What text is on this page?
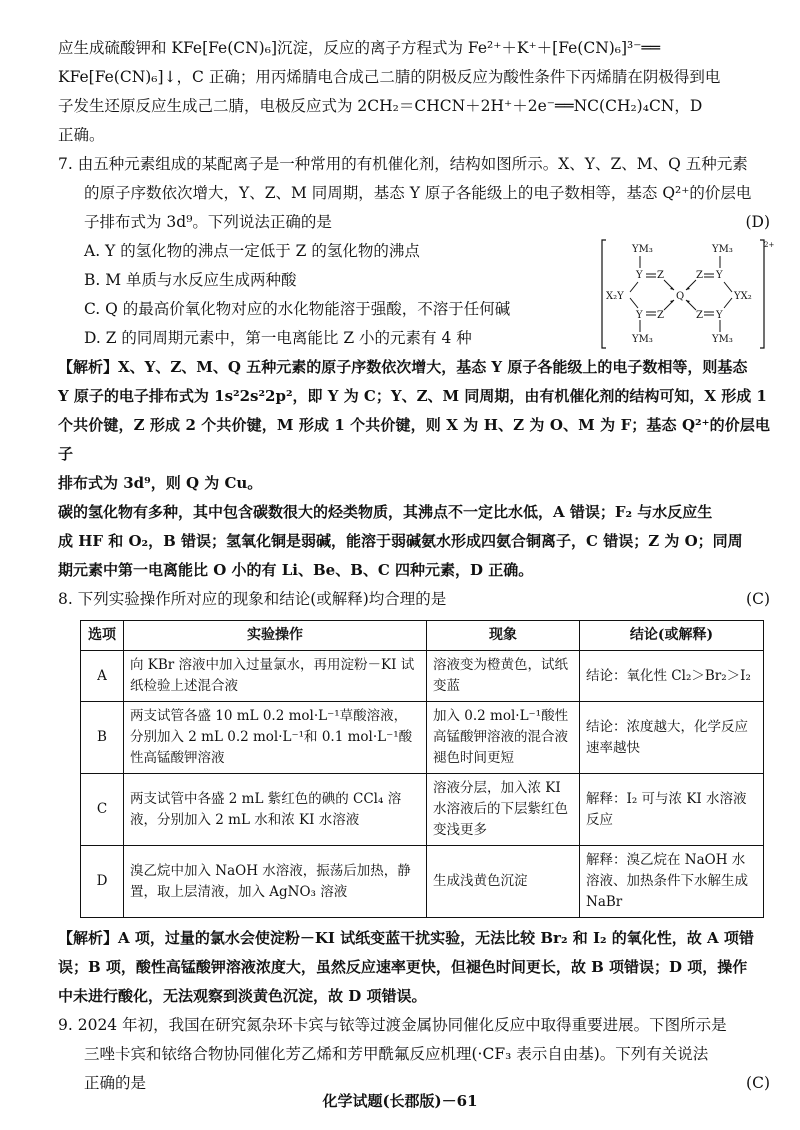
应生成硫酸钾和 KFe[Fe(CN)₆]沉淀，反应的离子方程式为 Fe²⁺＋K⁺＋[Fe(CN)₆]³⁻══

KFe[Fe(CN)₆]↓，C 正确；用丙烯腈电合成己二腈的阴极反应为酸性条件下丙烯腈在阴极得到电

子发生还原反应生成己二腈，电极反应式为 2CH₂＝CHCN＋2H⁺＋2e⁻══NC(CH₂)₄CN，D

正确。

7. 由五种元素组成的某配离子是一种常用的有机催化剂，结构如图所示。X、Y、Z、M、Q 五种元素

的原子序数依次增大，Y、Z、M 同周期，基态 Y 原子各能级上的电子数相等，基态 Q²⁺的价层电

子排布式为 3d⁹。下列说法正确的是	(D)

A. Y 的氢化物的沸点一定低于 Z 的氢化物的沸点

B. M 单质与水反应生成两种酸

C. Q 的最高价氧化物对应的水化物能溶于强酸，不溶于任何碱

D. Z 的同周期元素中，第一电离能比 Z 小的元素有 4 种

2+
YM₃
YM₃
YM₃
YM₃
Y
Y
Z
Z
X₂Y	Q
Z
Z
Y
Y
YX₂

【解析】X、Y、Z、M、Q 五种元素的原子序数依次增大，基态 Y 原子各能级上的电子数相等，则基态

Y 原子的电子排布式为 1s²2s²2p²，即 Y 为 C；Y、Z、M 同周期，由有机催化剂的结构可知，X 形成 1

个共价键，Z 形成 2 个共价键，M 形成 1 个共价键，则 X 为 H、Z 为 O、M 为 F；基态 Q²⁺的价层电子

排布式为 3d⁹，则 Q 为 Cu。

碳的氢化物有多种，其中包含碳数很大的烃类物质，其沸点不一定比水低，A 错误；F₂ 与水反应生

成 HF 和 O₂，B 错误；氢氧化铜是弱碱，能溶于弱碱氨水形成四氨合铜离子，C 错误；Z 为 O；同周

期元素中第一电离能比 O 小的有 Li、Be、B、C 四种元素，D 正确。

8. 下列实验操作所对应的现象和结论(或解释)均合理的是	(C)

选项	实验操作	现象	结论(或解释)
A	向 KBr 溶液中加入过量氯水，再用淀粉－KI 试纸检验上述混合液	溶液变为橙黄色，试纸变蓝	结论：氧化性 Cl₂＞Br₂＞I₂
B	两支试管各盛 10 mL 0.2 mol·L⁻¹草酸溶液，分别加入 2 mL 0.2 mol·L⁻¹和 0.1 mol·L⁻¹酸性高锰酸钾溶液	加入 0.2 mol·L⁻¹酸性高锰酸钾溶液的混合液褪色时间更短	结论：浓度越大，化学反应速率越快
C	两支试管中各盛 2 mL 紫红色的碘的 CCl₄ 溶液，分别加入 2 mL 水和浓 KI 水溶液	溶液分层，加入浓 KI 水溶液后的下层紫红色变浅更多	解释：I₂ 可与浓 KI 水溶液反应
D	溴乙烷中加入 NaOH 水溶液，振荡后加热，静置，取上层清液，加入 AgNO₃ 溶液	生成浅黄色沉淀	解释：溴乙烷在 NaOH 水溶液、加热条件下水解生成 NaBr

【解析】A 项，过量的氯水会使淀粉－KI 试纸变蓝干扰实验，无法比较 Br₂ 和 I₂ 的氧化性，故 A 项错

误；B 项，酸性高锰酸钾溶液浓度大，虽然反应速率更快，但褪色时间更长，故 B 项错误；D 项，操作

中未进行酸化，无法观察到淡黄色沉淀，故 D 项错误。

9. 2024 年初，我国在研究氮杂环卡宾与铱等过渡金属协同催化反应中取得重要进展。下图所示是

三唑卡宾和铱络合物协同催化芳乙烯和芳甲酰氟反应机理(·CF₃ 表示自由基)。下列有关说法

正确的是	(C)

化学试题(长郡版)－61
